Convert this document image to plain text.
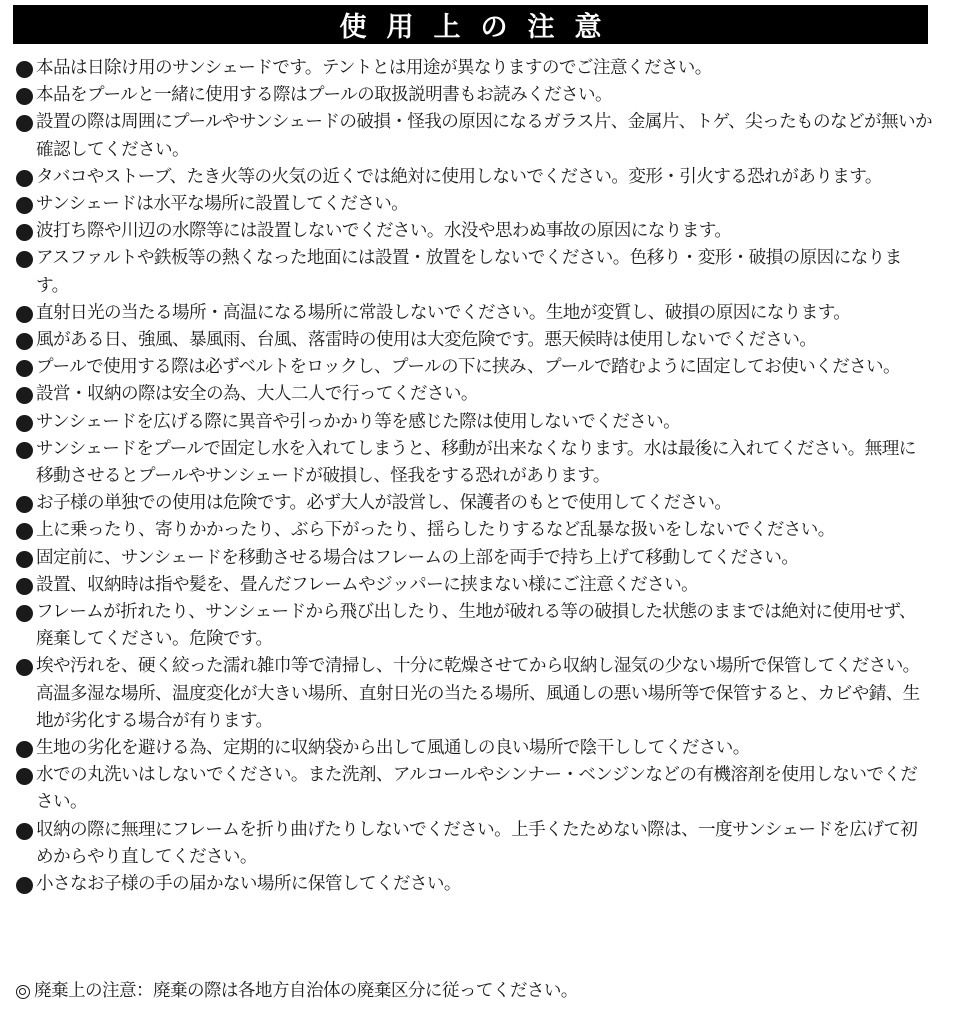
使用上の注意
本品は日除け用のサンシェードです。テントとは用途が異なりますのでご注意ください。
本品をプールと一緒に使用する際はプールの取扱説明書もお読みください。
設置の際は周囲にプールやサンシェードの破損・怪我の原因になるガラス片、金属片、トゲ、尖ったものなどが無いか確認してください。
タバコやストーブ、たき火等の火気の近くでは絶対に使用しないでください。変形・引火する恐れがあります。
サンシェードは水平な場所に設置してください。
波打ち際や川辺の水際等には設置しないでください。水没や思わぬ事故の原因になります。
アスファルトや鉄板等の熱くなった地面には設置・放置をしないでください。色移り・変形・破損の原因になります。
直射日光の当たる場所・高温になる場所に常設しないでください。生地が変質し、破損の原因になります。
風がある日、強風、暴風雨、台風、落雷時の使用は大変危険です。悪天候時は使用しないでください。
プールで使用する際は必ずベルトをロックし、プールの下に挟み、プールで踏むように固定してお使いください。
設営・収納の際は安全の為、大人二人で行ってください。
サンシェードを広げる際に異音や引っかかり等を感じた際は使用しないでください。
サンシェードをプールで固定し水を入れてしまうと、移動が出来なくなります。水は最後に入れてください。無理に移動させるとプールやサンシェードが破損し、怪我をする恐れがあります。
お子様の単独での使用は危険です。必ず大人が設営し、保護者のもとで使用してください。
上に乗ったり、寄りかかったり、ぶら下がったり、揺らしたりするなど乱暴な扱いをしないでください。
固定前に、サンシェードを移動させる場合はフレームの上部を両手で持ち上げて移動してください。
設置、収納時は指や髪を、畳んだフレームやジッパーに挟まない様にご注意ください。
フレームが折れたり、サンシェードから飛び出したり、生地が破れる等の破損した状態のままでは絶対に使用せず、廃棄してください。危険です。
埃や汚れを、硬く絞った濡れ雑巾等で清掃し、十分に乾燥させてから収納し湿気の少ない場所で保管してください。高温多湿な場所、温度変化が大きい場所、直射日光の当たる場所、風通しの悪い場所等で保管すると、カビや錆、生地が劣化する場合が有ります。
生地の劣化を避ける為、定期的に収納袋から出して風通しの良い場所で陰干ししてください。
水での丸洗いはしないでください。また洗剤、アルコールやシンナー・ベンジンなどの有機溶剤を使用しないでください。
収納の際に無理にフレームを折り曲げたりしないでください。上手くたためない際は、一度サンシェードを広げて初めからやり直してください。
小さなお子様の手の届かない場所に保管してください。
廃棄上の注意：廃棄の際は各地方自治体の廃棄区分に従ってください。
